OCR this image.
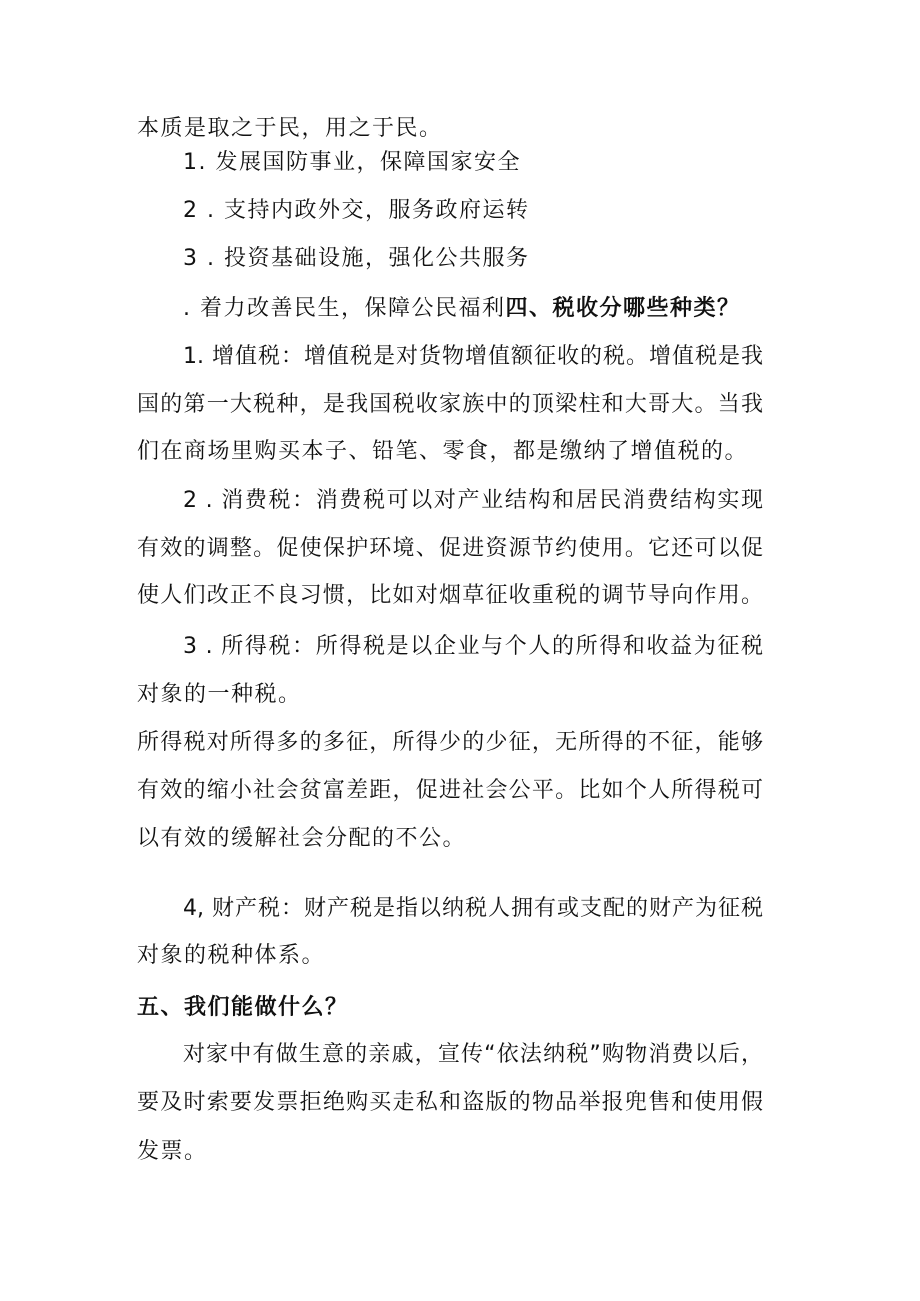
本质是取之于民，用之于民。
1. 发展国防事业，保障国家安全
2 . 支持内政外交，服务政府运转
3 . 投资基础设施，强化公共服务
. 着力改善民生，保障公民福利四、税收分哪些种类？
1. 增值税：增值税是对货物增值额征收的税。增值税是我
国的第一大税种，是我国税收家族中的顶梁柱和大哥大。当我
们在商场里购买本子、铅笔、零食，都是缴纳了增值税的。
2 . 消费税：消费税可以对产业结构和居民消费结构实现
有效的调整。促使保护环境、促进资源节约使用。它还可以促
使人们改正不良习惯，比如对烟草征收重税的调节导向作用。
3 . 所得税：所得税是以企业与个人的所得和收益为征税
对象的一种税。
所得税对所得多的多征，所得少的少征，无所得的不征，能够
有效的缩小社会贫富差距，促进社会公平。比如个人所得税可
以有效的缓解社会分配的不公。
4, 财产税：财产税是指以纳税人拥有或支配的财产为征税
对象的税种体系。
五、我们能做什么？
对家中有做生意的亲戚，宣传“依法纳税”购物消费以后，
要及时索要发票拒绝购买走私和盗版的物品举报兜售和使用假
发票。
